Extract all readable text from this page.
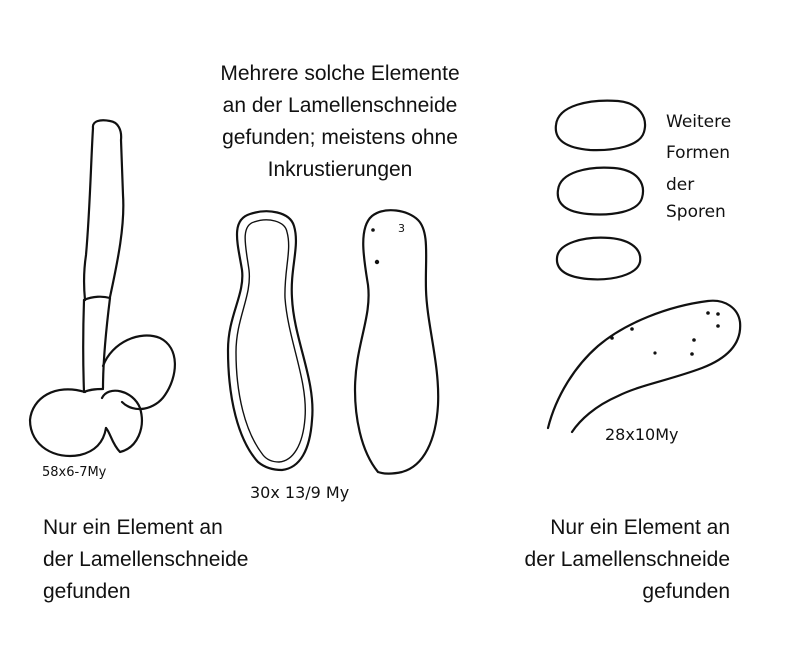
3
58x6-7My
30x 13/9 My
28x10My
Weitere
Formen
der
Sporen
Mehrere solche Elemente
an der Lamellenschneide
gefunden; meistens ohne
Inkrustierungen
Nur ein Element an
der Lamellenschneide
gefunden
Nur ein Element an
der Lamellenschneide
gefunden
